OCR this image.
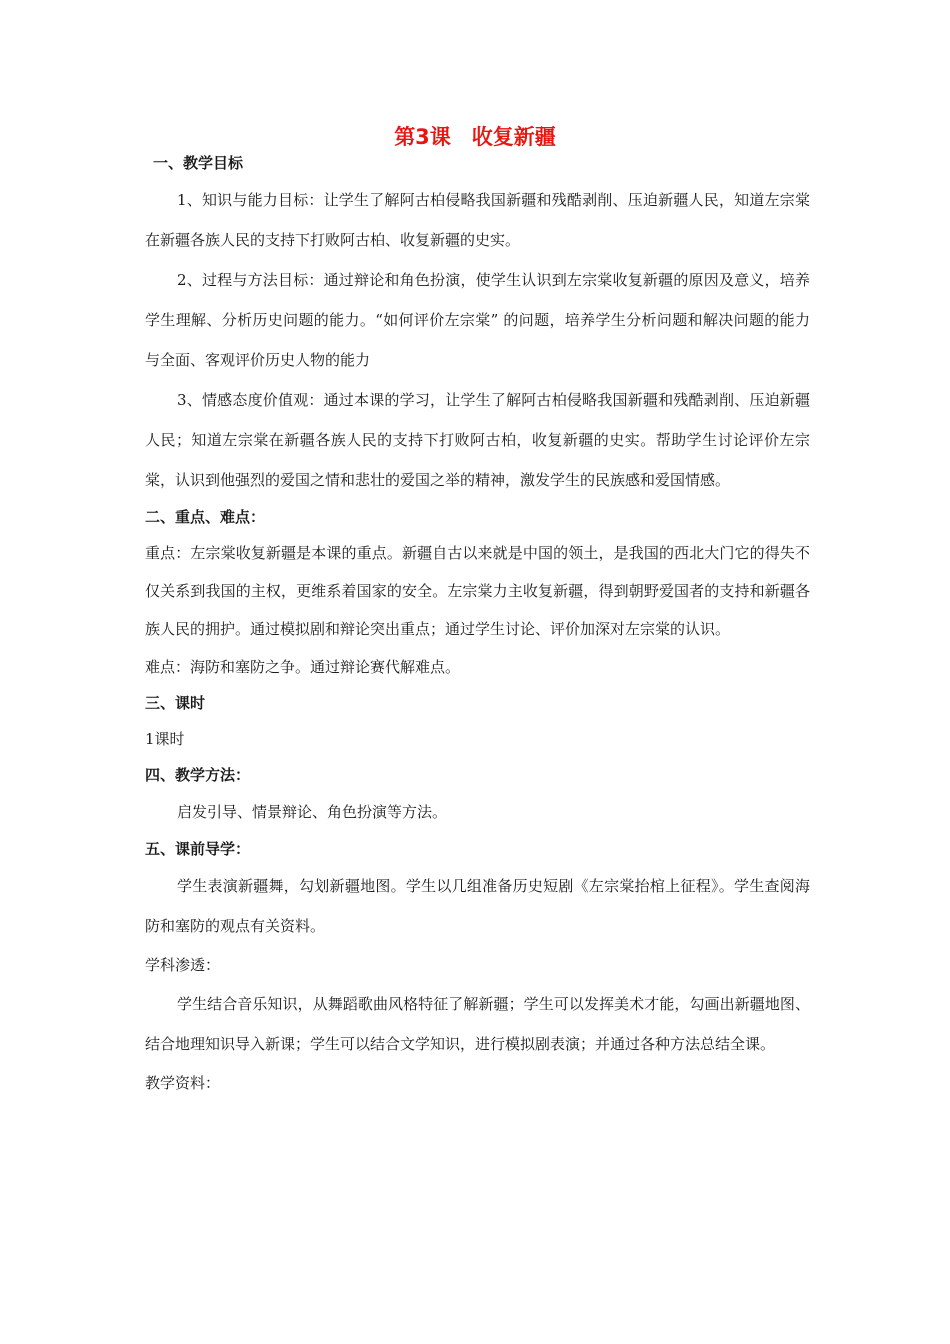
第3课　收复新疆
一、教学目标
1、知识与能力目标：让学生了解阿古柏侵略我国新疆和残酷剥削、压迫新疆人民，知道左宗棠在新疆各族人民的支持下打败阿古柏、收复新疆的史实。
2、过程与方法目标：通过辩论和角色扮演，使学生认识到左宗棠收复新疆的原因及意义，培养学生理解、分析历史问题的能力。“如何评价左宗棠” 的问题，培养学生分析问题和解决问题的能力与全面、客观评价历史人物的能力
3、情感态度价值观：通过本课的学习，让学生了解阿古柏侵略我国新疆和残酷剥削、压迫新疆人民；知道左宗棠在新疆各族人民的支持下打败阿古柏，收复新疆的史实。帮助学生讨论评价左宗棠，认识到他强烈的爱国之情和悲壮的爱国之举的精神，激发学生的民族感和爱国情感。
二、重点、难点：
重点：左宗棠收复新疆是本课的重点。新疆自古以来就是中国的领土，是我国的西北大门它的得失不仅关系到我国的主权，更维系着国家的安全。左宗棠力主收复新疆，得到朝野爱国者的支持和新疆各族人民的拥护。通过模拟剧和辩论突出重点；通过学生讨论、评价加深对左宗棠的认识。
难点：海防和塞防之争。通过辩论赛代解难点。
三、课时
1课时
四、教学方法：
启发引导、情景辩论、角色扮演等方法。
五、课前导学：
学生表演新疆舞，勾划新疆地图。学生以几组准备历史短剧《左宗棠抬棺上征程》。学生查阅海防和塞防的观点有关资料。
学科渗透：
学生结合音乐知识，从舞蹈歌曲风格特征了解新疆；学生可以发挥美术才能，勾画出新疆地图、结合地理知识导入新课；学生可以结合文学知识，进行模拟剧表演；并通过各种方法总结全课。
教学资料：
